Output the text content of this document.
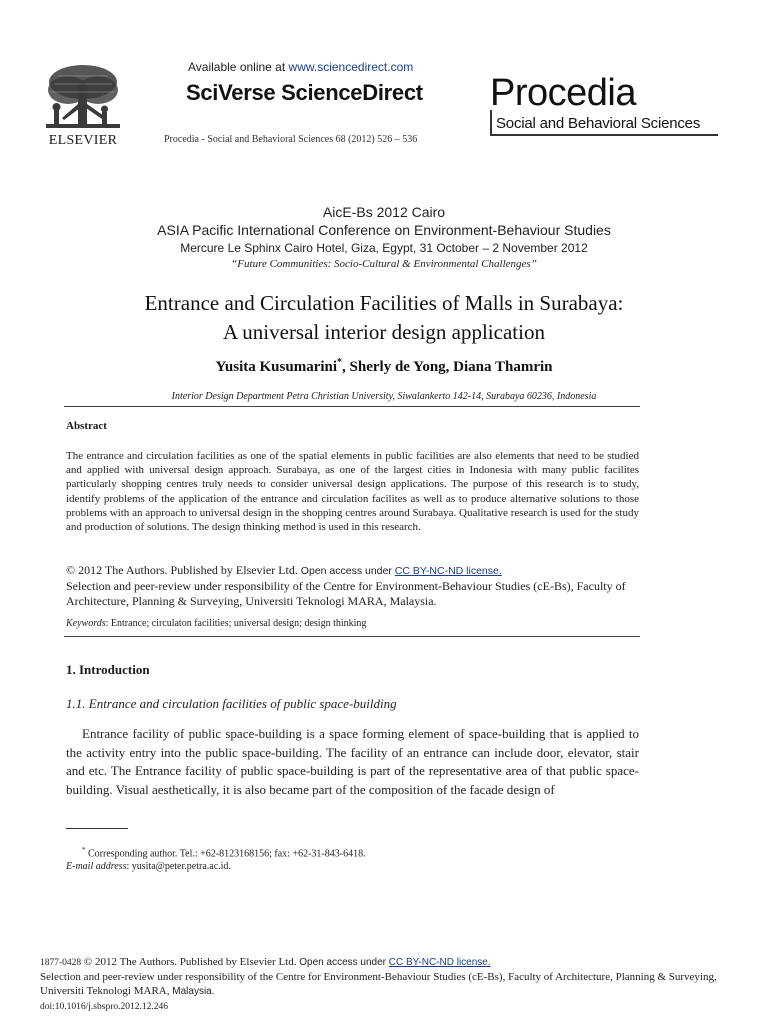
ELSEVIER
Available online at www.sciencedirect.com
SciVerse ScienceDirect
Procedia - Social and Behavioral Sciences 68 (2012) 526 – 536
Procedia
Social and Behavioral Sciences
AicE-Bs 2012 Cairo
ASIA Pacific International Conference on Environment-Behaviour Studies
Mercure Le Sphinx Cairo Hotel, Giza, Egypt, 31 October – 2 November 2012
“Future Communities: Socio-Cultural & Environmental Challenges”
Entrance and Circulation Facilities of Malls in Surabaya:
A universal interior design application
Yusita Kusumarini*, Sherly de Yong, Diana Thamrin
Interior Design Department Petra Christian University, Siwalankerto 142-14, Surabaya 60236, Indonesia
Abstract
The entrance and circulation facilities as one of the spatial elements in public facilities are also elements that need to be studied and applied with universal design approach. Surabaya, as one of the largest cities in Indonesia with many public facilites particularly shopping centres truly needs to consider universal design applications. The purpose of this research is to study, identify problems of the application of the entrance and circulation facilites as well as to produce alternative solutions to those problems with an approach to universal design in the shopping centres around Surabaya. Qualitative research is used for the study and production of solutions. The design thinking method is used in this research.
© 2012 The Authors. Published by Elsevier Ltd. Open access under CC BY-NC-ND license.
Selection and peer-review under responsibility of the Centre for Environment-Behaviour Studies (cE-Bs), Faculty of Architecture, Planning & Surveying, Universiti Teknologi MARA, Malaysia.
Keywords: Entrance; circulaton facilities; universal design; design thinking
1. Introduction
1.1. Entrance and circulation facilities of public space-building
Entrance facility of public space-building is a space forming element of space-building that is applied to the activity entry into the public space-building. The facility of an entrance can include door, elevator, stair and etc. The Entrance facility of public space-building is part of the representative area of that public space-building. Visual aesthetically, it is also became part of the composition of the facade design of
* Corresponding author. Tel.: +62-8123168156; fax: +62-31-843-6418.
E-mail address: yusita@peter.petra.ac.id.
1877-0428 © 2012 The Authors. Published by Elsevier Ltd. Open access under CC BY-NC-ND license.
Selection and peer-review under responsibility of the Centre for Environment-Behaviour Studies (cE-Bs), Faculty of Architecture, Planning & Surveying, Universiti Teknologi MARA, Malaysia.
doi:10.1016/j.sbspro.2012.12.246
